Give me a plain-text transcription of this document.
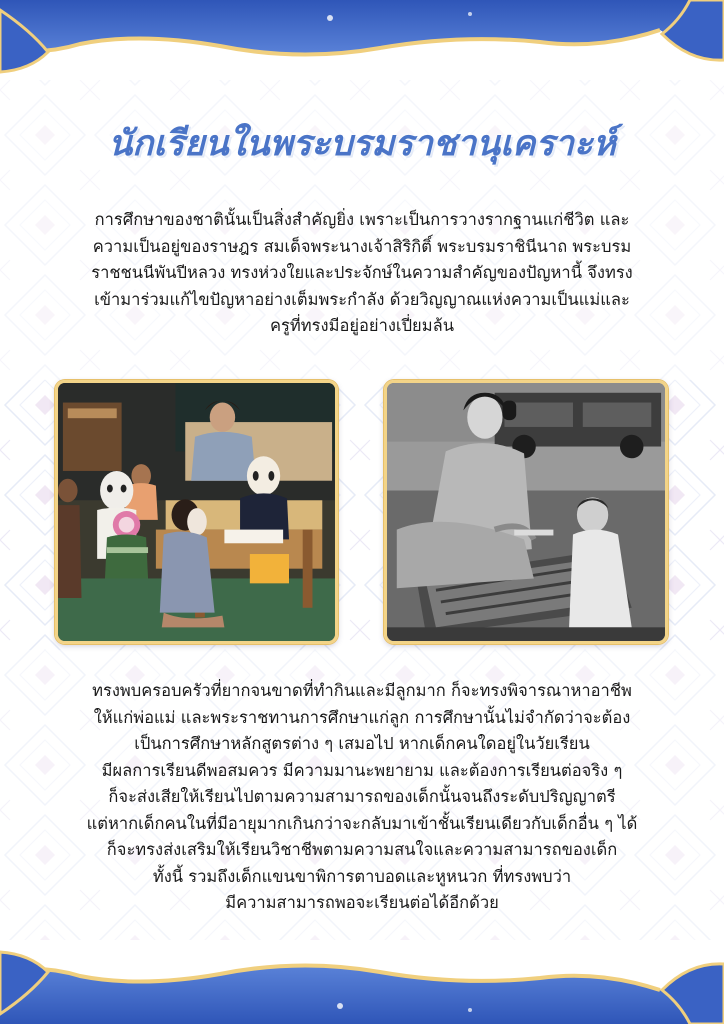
นักเรียนในพระบรมราชานุเคราะห์

การศึกษาของชาตินั้นเป็นสิ่งสำคัญยิ่ง เพราะเป็นการวางรากฐานแก่ชีวิต และ
ความเป็นอยู่ของราษฎร สมเด็จพระนางเจ้าสิริกิติ์ พระบรมราชินีนาถ พระบรม
ราชชนนีพันปีหลวง ทรงห่วงใยและประจักษ์ในความสำคัญของปัญหานี้ จึงทรง
เข้ามาร่วมแก้ไขปัญหาอย่างเต็มพระกำลัง ด้วยวิญญาณแห่งความเป็นแม่และ
ครูที่ทรงมีอยู่อย่างเปี่ยมล้น

ทรงพบครอบครัวที่ยากจนขาดที่ทำกินและมีลูกมาก ก็จะทรงพิจารณาหาอาชีพ
ให้แก่พ่อแม่ และพระราชทานการศึกษาแก่ลูก การศึกษานั้นไม่จำกัดว่าจะต้อง
เป็นการศึกษาหลักสูตรต่าง ๆ เสมอไป หากเด็กคนใดอยู่ในวัยเรียน
มีผลการเรียนดีพอสมควร มีความมานะพยายาม และต้องการเรียนต่อจริง ๆ
ก็จะส่งเสียให้เรียนไปตามความสามารถของเด็กนั้นจนถึงระดับปริญญาตรี
แต่หากเด็กคนในที่มีอายุมากเกินกว่าจะกลับมาเข้าชั้นเรียนเดียวกับเด็กอื่น ๆ ได้
ก็จะทรงส่งเสริมให้เรียนวิชาชีพตามความสนใจและความสามารถของเด็ก
ทั้งนี้ รวมถึงเด็กแขนขาพิการตาบอดและหูหนวก ที่ทรงพบว่า
มีความสามารถพอจะเรียนต่อได้อีกด้วย
